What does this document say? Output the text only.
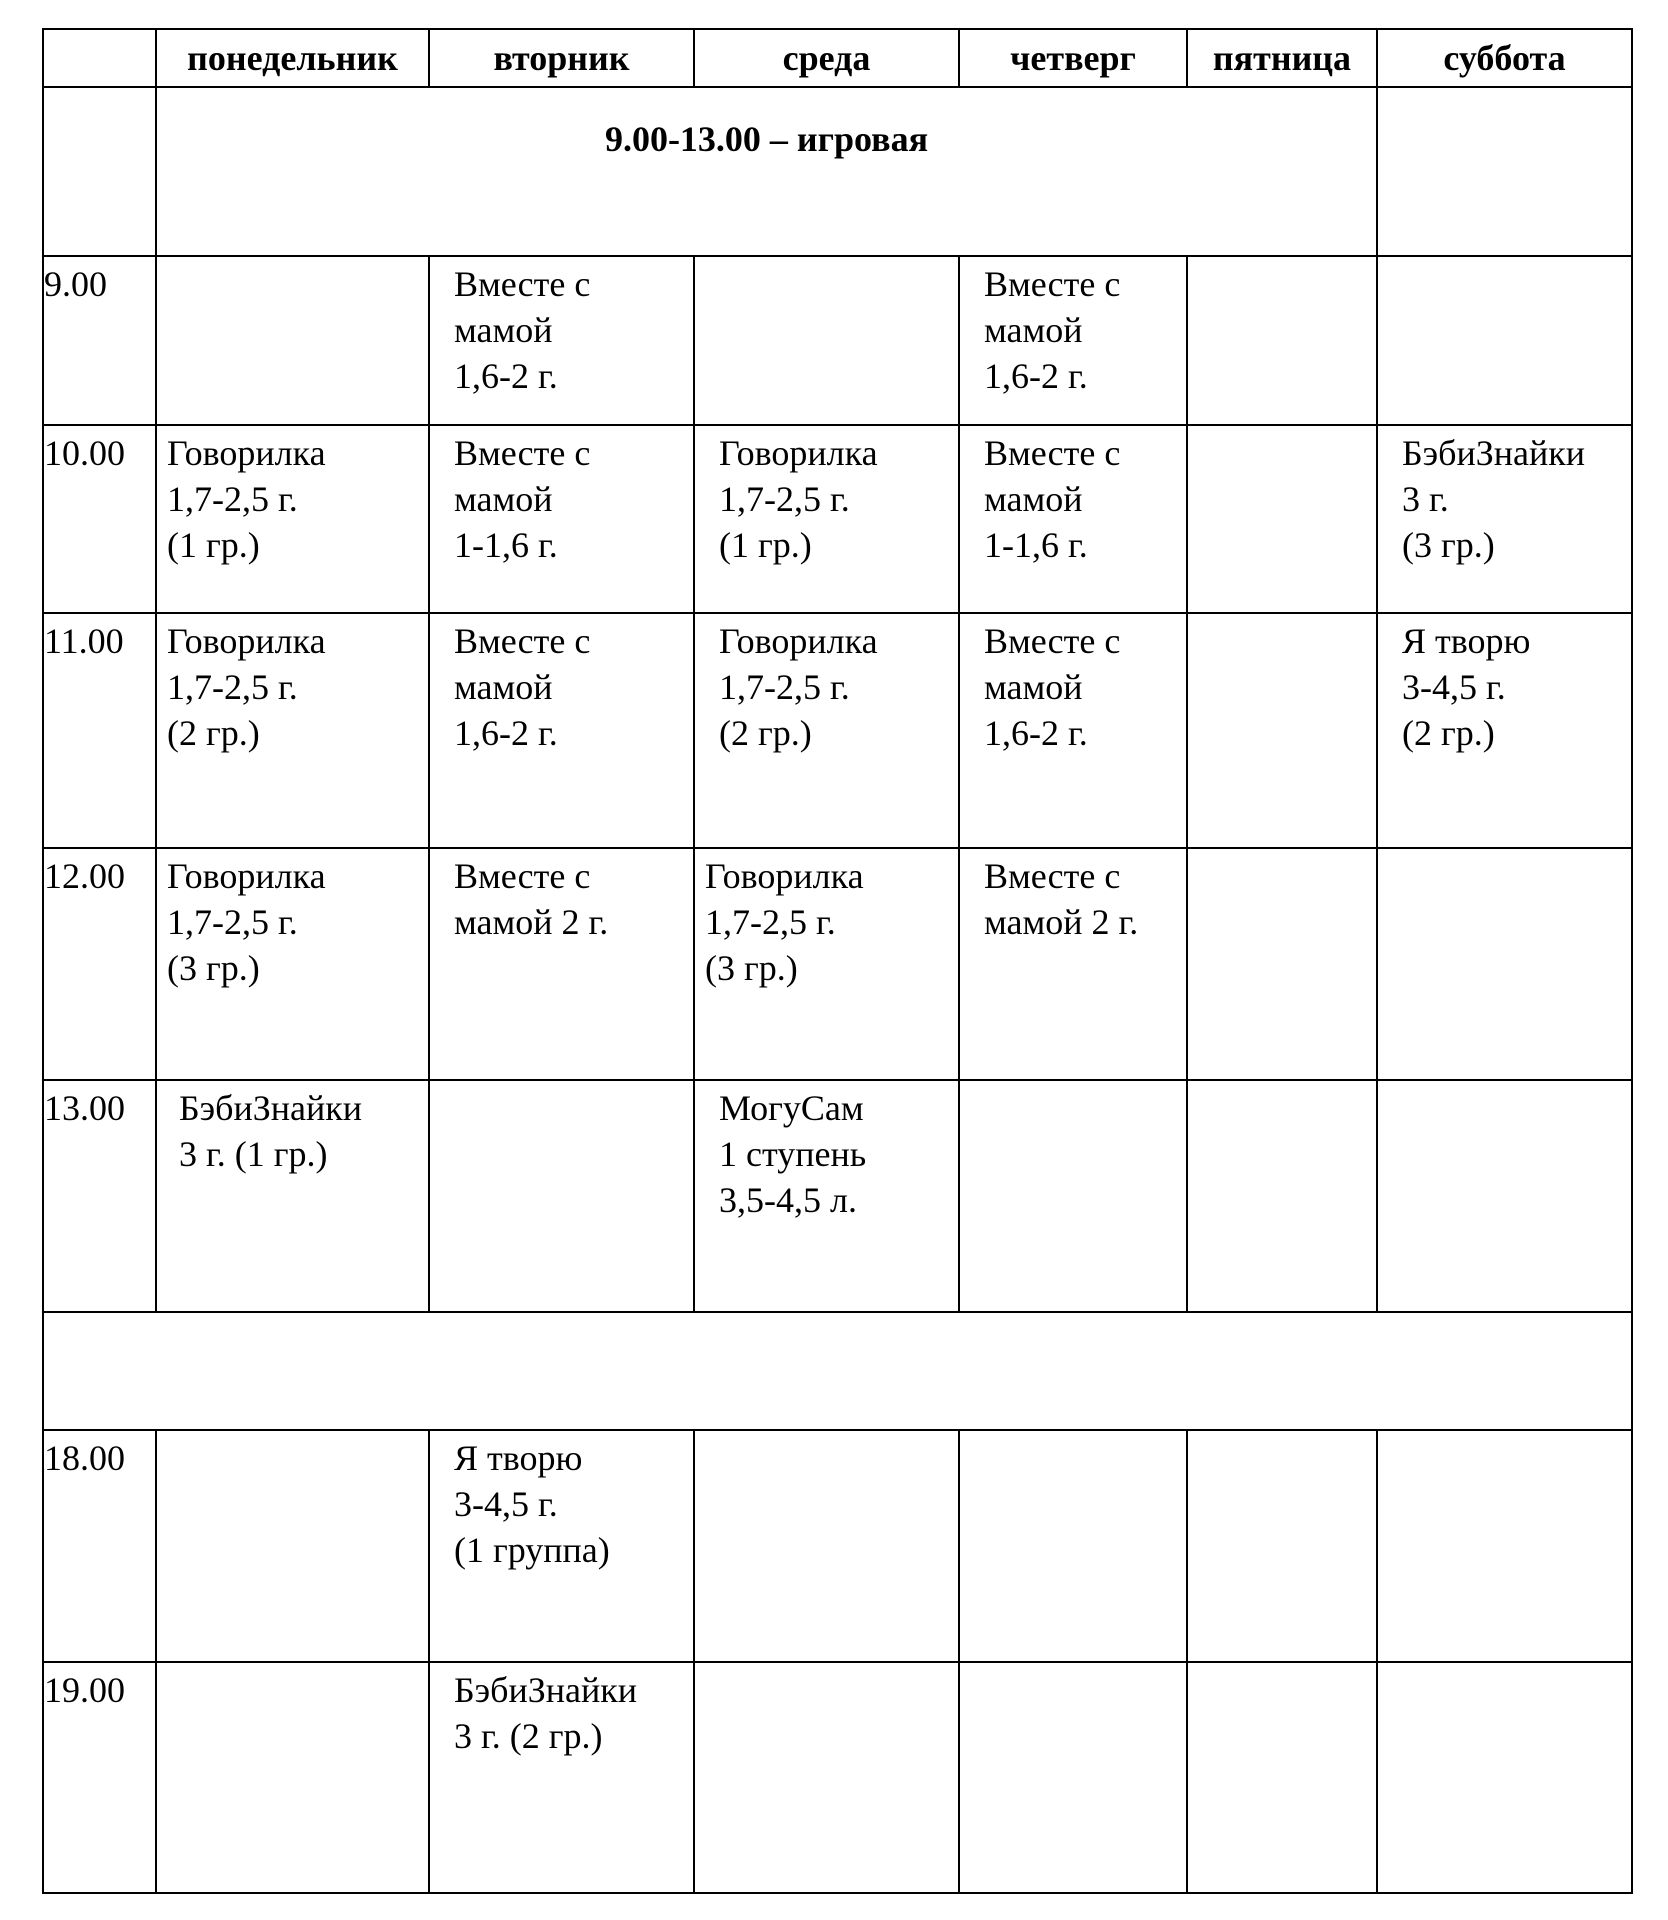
	понедельник	вторник	среда	четверг	пятница	суббота

	9.00-13.00 – игровая					

9.00		Вместе с
мамой
1,6-2 г.		Вместе с
мамой
1,6-2 г.		

10.00	Говорилка
1,7-2,5 г.
(1 гр.)	Вместе с
мамой
1-1,6 г.	Говорилка
1,7-2,5 г.
(1 гр.)	Вместе с
мамой
1-1,6 г.		БэбиЗнайки
3 г.
(3 гр.)

11.00	Говорилка
1,7-2,5 г.
(2 гр.)	Вместе с
мамой
1,6-2 г.	Говорилка
1,7-2,5 г.
(2 гр.)	Вместе с
мамой
1,6-2 г.		Я творю
3-4,5 г.
(2 гр.)

12.00	Говорилка
1,7-2,5 г.
(3 гр.)	Вместе с
мамой 2 г.	Говорилка
1,7-2,5 г.
(3 гр.)	Вместе с
мамой 2 г.		

13.00	БэбиЗнайки
3 г. (1 гр.)		МогуСам
1 ступень
3,5-4,5 л.			

18.00		Я творю
3-4,5 г.
(1 группа)				

19.00		БэбиЗнайки
3 г. (2 гр.)				
